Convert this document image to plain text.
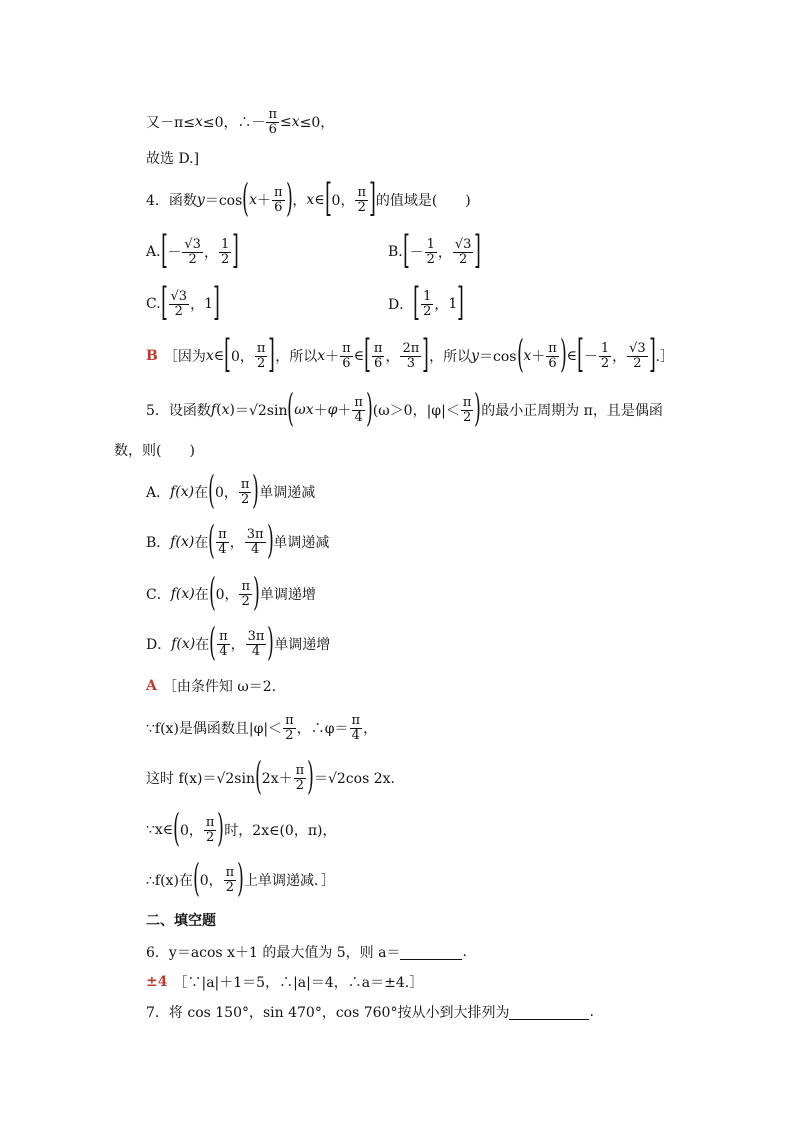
又－π≤ x ≤0，∴－ $\frac{\pi}{6} \le x \le 0$，
故选 D.]
4．函数 y ＝cos ( $x + \frac{\pi}{6}$ ) ， x ∈ [ 0， $\frac{\pi}{2}$ ] 的值域是(　　)
A. [ － $\frac{√3}{2}$ ， $\frac{1}{2}$ ]	B. [ － $\frac{1}{2}$ ， $\frac{√3}{2}$ ]
C. [ $\frac{√3}{2}$ ， 1 ]	D． [ $\frac{1}{2}$ ， 1 ]
B ［因为 x ∈ [ 0， $\frac{\pi}{2}$ ] ，所以 $x + \frac{\pi}{6}$ ∈ [ $\frac{\pi}{6}$ ， $\frac{2\pi}{3}$ ] ，所以 y ＝cos ( $x + \frac{\pi}{6}$ ) ∈ [ － $\frac{1}{2}$ ， $\frac{√3}{2}$ ] .］
5．设函数 f ( x ) ＝√2sin ( $\omega x + \varphi + \frac{\pi}{4}$ ) (ω＞0，$|\varphi|< \frac{\pi}{2}$ ) 的最小正周期为 π，且是偶函
数，则(　　)
A． f(x) 在 ( 0， $\frac{\pi}{2}$ ) 单调递减
B． f(x) 在 ( $\frac{\pi}{4}$ ， $\frac{3\pi}{4}$ ) 单调递减
C． f(x) 在 ( 0， $\frac{\pi}{2}$ ) 单调递增
D． f(x) 在 ( $\frac{\pi}{4}$ ， $\frac{3\pi}{4}$ ) 单调递增
A ［由条件知 ω＝2.
∵f(x)是偶函数且$|\varphi|< \frac{\pi}{2}$ ，∴φ＝ $\frac{\pi}{4}$ ，
这时 f(x)＝√2sin ( $2x+ \frac{\pi}{2}$ ) ＝√2cos 2x.
∵x∈ ( 0， $\frac{\pi}{2}$ ) 时，2x∈(0，π)，
∴f(x)在 ( 0， $\frac{\pi}{2}$ ) 上单调递减．］
二、填空题
6．y＝acos x＋1 的最大值为 5，则 a＝	.
±4 ［∵|a|＋1＝5，∴|a|＝4，∴a＝±4.］
7．将 cos 150°，sin 470°，cos 760°按从小到大排列为	.
